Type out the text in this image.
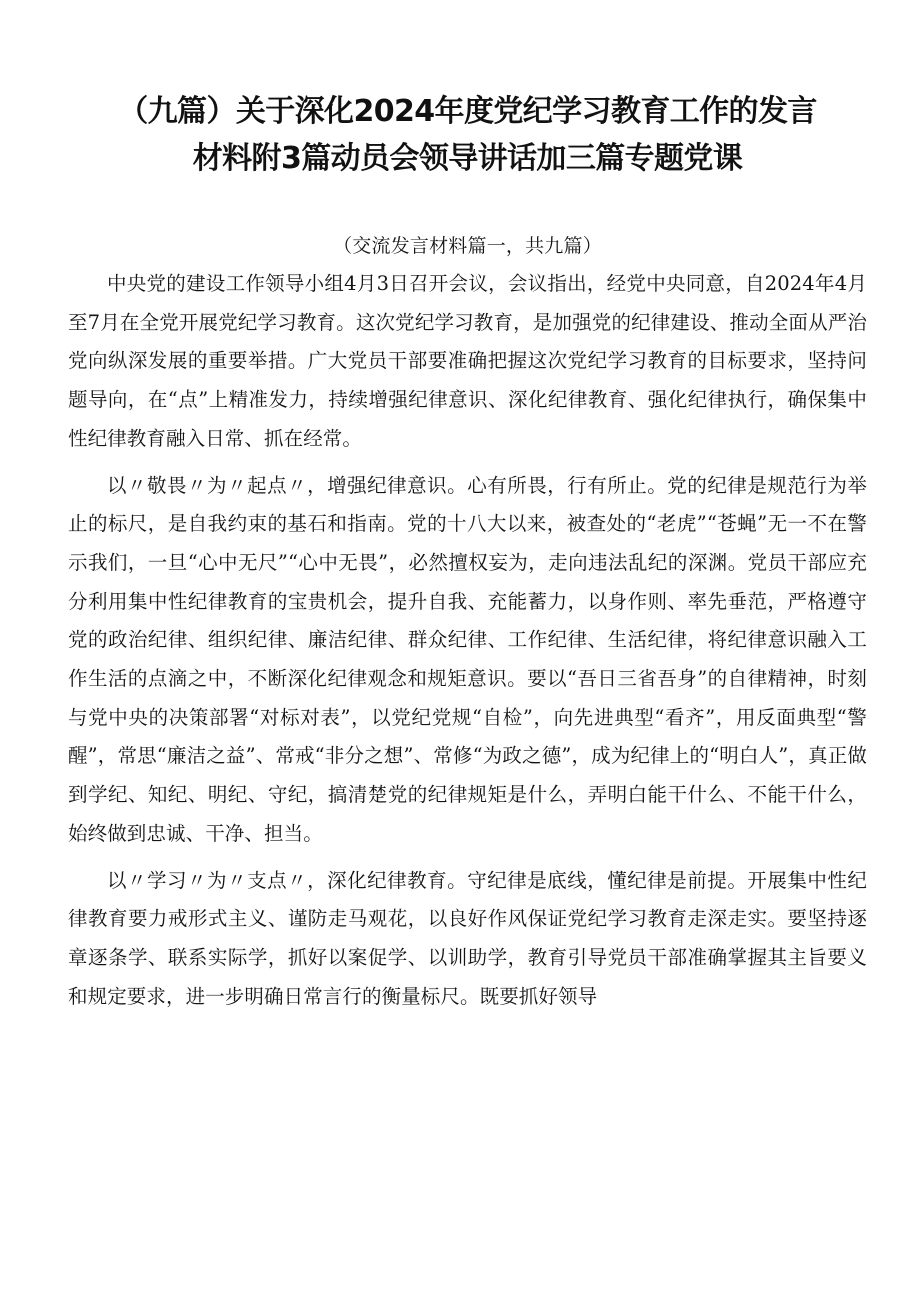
（九篇）关于深化2024年度党纪学习教育工作的发言
材料附3篇动员会领导讲话加三篇专题党课
（交流发言材料篇一，共九篇）

中央党的建设工作领导小组4月3日召开会议，会议指出，经党中央同意，自2024年4月至7月在全党开展党纪学习教育。这次党纪学习教育，是加强党的纪律建设、推动全面从严治党向纵深发展的重要举措。广大党员干部要准确把握这次党纪学习教育的目标要求，坚持问题导向，在“点”上精准发力，持续增强纪律意识、深化纪律教育、强化纪律执行，确保集中性纪律教育融入日常、抓在经常。

以〃敬畏〃为〃起点〃，增强纪律意识。心有所畏，行有所止。党的纪律是规范行为举止的标尺，是自我约束的基石和指南。党的十八大以来，被查处的“老虎”“苍蝇”无一不在警示我们，一旦“心中无尺”“心中无畏”，必然擅权妄为，走向违法乱纪的深渊。党员干部应充分利用集中性纪律教育的宝贵机会，提升自我、充能蓄力，以身作则、率先垂范，严格遵守党的政治纪律、组织纪律、廉洁纪律、群众纪律、工作纪律、生活纪律，将纪律意识融入工作生活的点滴之中，不断深化纪律观念和规矩意识。要以“吾日三省吾身”的自律精神，时刻与党中央的决策部署“对标对表”，以党纪党规“自检”，向先进典型“看齐”，用反面典型“警醒”，常思“廉洁之益”、常戒“非分之想”、常修“为政之德”，成为纪律上的“明白人”，真正做到学纪、知纪、明纪、守纪，搞清楚党的纪律规矩是什么，弄明白能干什么、不能干什么，始终做到忠诚、干净、担当。

以〃学习〃为〃支点〃，深化纪律教育。守纪律是底线，懂纪律是前提。开展集中性纪律教育要力戒形式主义、谨防走马观花，以良好作风保证党纪学习教育走深走实。要坚持逐章逐条学、联系实际学，抓好以案促学、以训助学，教育引导党员干部准确掌握其主旨要义和规定要求，进一步明确日常言行的衡量标尺。既要抓好领导
